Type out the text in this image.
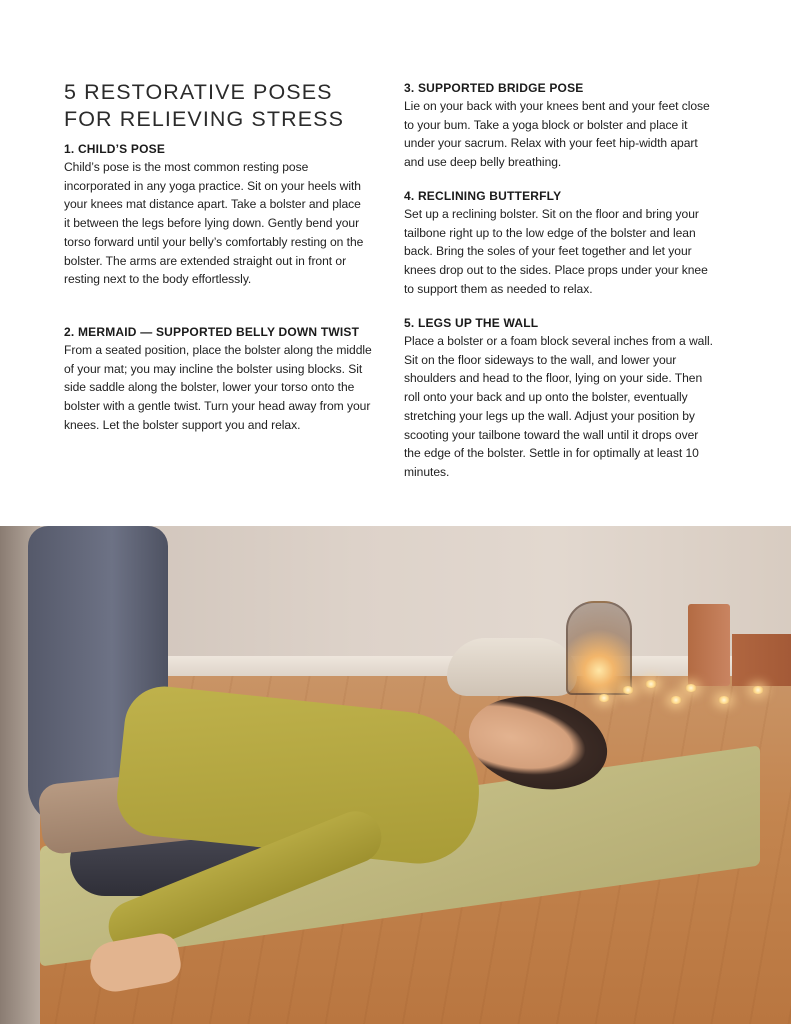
5 RESTORATIVE POSES FOR RELIEVING STRESS
1. CHILD’S POSE

Child’s pose is the most common resting pose incorporated in any yoga practice. Sit on your heels with your knees mat distance apart. Take a bolster and place it between the legs before lying down. Gently bend your torso forward until your belly’s comfortably resting on the bolster. The arms are extended straight out in front or resting next to the body effortlessly.

2. MERMAID — SUPPORTED BELLY DOWN TWIST

From a seated position, place the bolster along the middle of your mat; you may incline the bolster using blocks. Sit side saddle along the bolster, lower your torso onto the bolster with a gentle twist. Turn your head away from your knees. Let the bolster support you and relax.

3. SUPPORTED BRIDGE POSE

Lie on your back with your knees bent and your feet close to your bum. Take a yoga block or bolster and place it under your sacrum. Relax with your feet hip-width apart and use deep belly breathing.

4. RECLINING BUTTERFLY

Set up a reclining bolster. Sit on the floor and bring your tailbone right up to the low edge of the bolster and lean back. Bring the soles of your feet together and let your knees drop out to the sides. Place props under your knee to support them as needed to relax.

5. LEGS UP THE WALL

Place a bolster or a foam block several inches from a wall. Sit on the floor sideways to the wall, and lower your shoulders and head to the floor, lying on your side. Then roll onto your back and up onto the bolster, eventually stretching your legs up the wall. Adjust your position by scooting your tailbone toward the wall until it drops over the edge of the bolster. Settle in for optimally at least 10 minutes.
